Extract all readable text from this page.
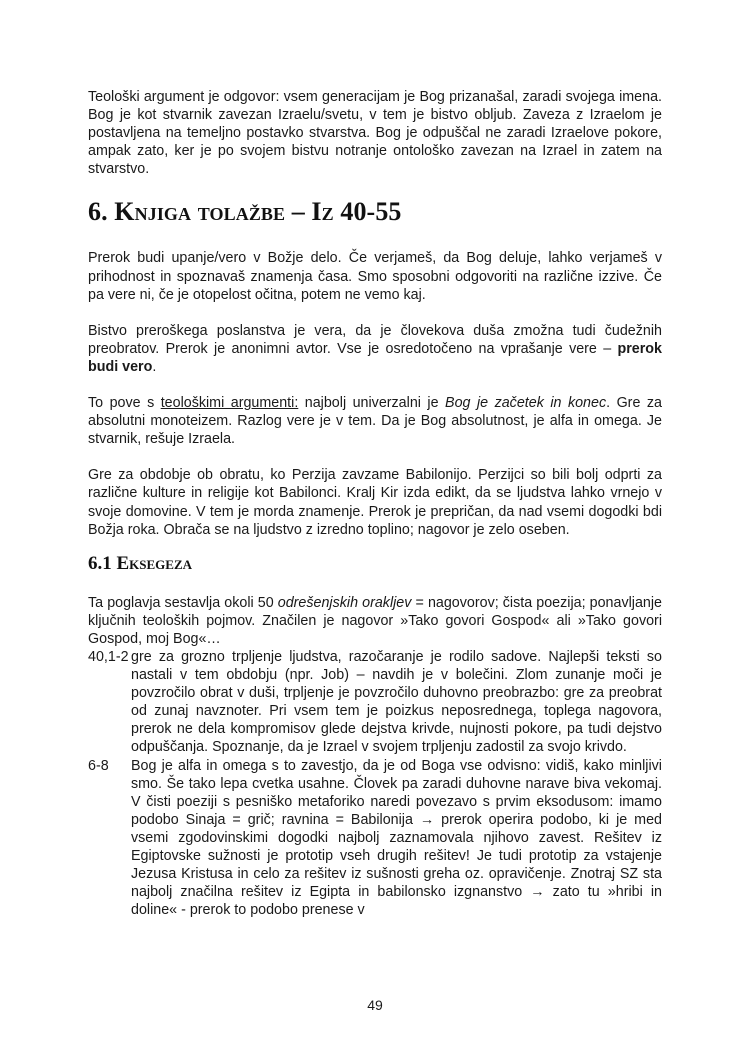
Teološki argument je odgovor: vsem generacijam je Bog prizanašal, zaradi svojega imena. Bog je kot stvarnik zavezan Izraelu/svetu, v tem je bistvo obljub. Zaveza z Izraelom je postavljena na temeljno postavko stvarstva. Bog je odpuščal ne zaradi Izraelove pokore, ampak zato, ker je po svojem bistvu notranje ontološko zavezan na Izrael in zatem na stvarstvo.

6. Knjiga tolažbe – Iz 40-55

Prerok budi upanje/vero v Božje delo. Če verjameš, da Bog deluje, lahko verjameš v prihodnost in spoznavaš znamenja časa. Smo sposobni odgovoriti na različne izzive. Če pa vere ni, če je otopelost očitna, potem ne vemo kaj.

Bistvo preroškega poslanstva je vera, da je človekova duša zmožna tudi čudežnih preobratov. Prerok je anonimni avtor. Vse je osredotočeno na vprašanje vere – prerok budi vero.

To pove s teološkimi argumenti: najbolj univerzalni je Bog je začetek in konec. Gre za absolutni monoteizem. Razlog vere je v tem. Da je Bog absolutnost, je alfa in omega. Je stvarnik, rešuje Izraela.

Gre za obdobje ob obratu, ko Perzija zavzame Babilonijo. Perzijci so bili bolj odprti za različne kulture in religije kot Babilonci. Kralj Kir izda edikt, da se ljudstva lahko vrnejo v svoje domovine. V tem je morda znamenje. Prerok je prepričan, da nad vsemi dogodki bdi Božja roka. Obrača se na ljudstvo z izredno toplino; nagovor je zelo oseben.

6.1 Eksegeza

Ta poglavja sestavlja okoli 50 odrešenjskih orakljev = nagovorov; čista poezija; ponavljanje ključnih teoloških pojmov. Značilen je nagovor »Tako govori Gospod« ali »Tako govori Gospod, moj Bog«…

40,1-2 gre za grozno trpljenje ljudstva, razočaranje je rodilo sadove. Najlepši teksti so nastali v tem obdobju (npr. Job) – navdih je v bolečini. Zlom zunanje moči je povzročilo obrat v duši, trpljenje je povzročilo duhovno preobrazbo: gre za preobrat od zunaj navznoter. Pri vsem tem je poizkus neposrednega, toplega nagovora, prerok ne dela kompromisov glede dejstva krivde, nujnosti pokore, pa tudi dejstvo odpuščanja. Spoznanje, da je Izrael v svojem trpljenju zadostil za svojo krivdo.
6-8	Bog je alfa in omega s to zavestjo, da je od Boga vse odvisno: vidiš, kako minljivi smo. Še tako lepa cvetka usahne. Človek pa zaradi duhovne narave biva vekomaj. V čisti poeziji s pesniško metaforiko naredi povezavo s prvim eksodusom: imamo podobo Sinaja = grič; ravnina = Babilonija → prerok operira podobo, ki je med vsemi zgodovinskimi dogodki najbolj zaznamovala njihovo zavest. Rešitev iz Egiptovske sužnosti je prototip vseh drugih rešitev! Je tudi prototip za vstajenje Jezusa Kristusa in celo za rešitev iz sušnosti greha oz. opravičenje. Znotraj SZ sta najbolj značilna rešitev iz Egipta in babilonsko izgnanstvo → zato tu »hribi in doline« - prerok to podobo prenese v
49
